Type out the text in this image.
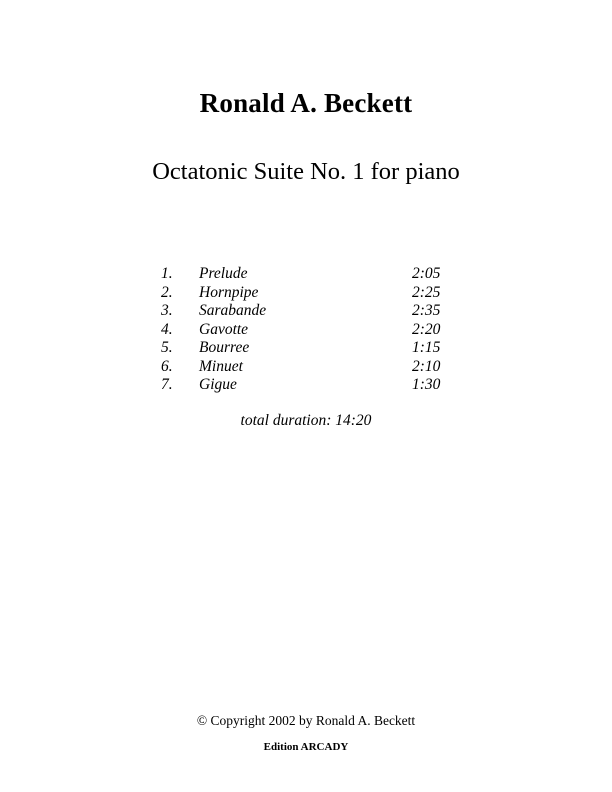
Ronald A. Beckett
Octatonic Suite No. 1 for piano
1. Prelude	2:05
2. Hornpipe	2:25
3. Sarabande	2:35
4. Gavotte	2:20
5. Bourree	1:15
6. Minuet	2:10
7. Gigue	1:30
total duration: 14:20
© Copyright 2002 by Ronald A. Beckett
Edition ARCADY
